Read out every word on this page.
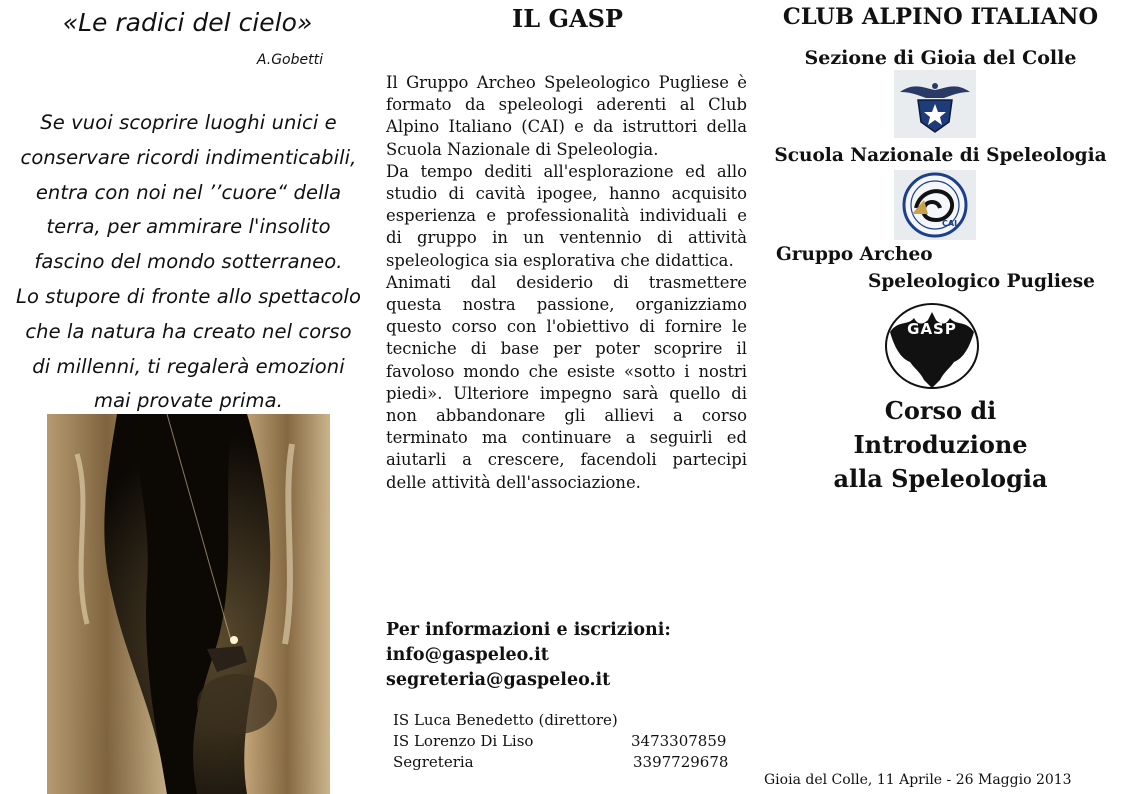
«Le radici del cielo»
A.Gobetti
Se vuoi scoprire luoghi unici e
conservare ricordi indimenticabili,
entra con noi nel ’’cuore“ della
terra, per ammirare l'insolito
fascino del mondo sotterraneo.
Lo stupore di fronte allo spettacolo
che la natura ha creato nel corso
di millenni, ti regalerà emozioni
mai provate prima.
IL GASP

Il Gruppo Archeo Speleologico Pugliese è formato da speleologi aderenti al Club Alpino Italiano (CAI) e da istruttori della Scuola Nazionale di Speleologia.

Da tempo dediti all'esplorazione ed allo studio di cavità ipogee, hanno acquisito esperienza e professionalità individuali e di gruppo in un ventennio di attività speleologica sia esplorativa che didattica.

Animati dal desiderio di trasmettere questa nostra passione, organizziamo questo corso con l'obiettivo di fornire le tecniche di base per poter scoprire il favoloso mondo che esiste «sotto i nostri piedi». Ulteriore impegno sarà quello di non abbandonare gli allievi a corso terminato ma continuare a seguirli ed aiutarli a crescere, facendoli partecipi delle attività dell'associazione.

Per informazioni e iscrizioni:
info@gaspeleo.it
segreteria@gaspeleo.it
IS Luca Benedetto (direttore)
IS Lorenzo Di Liso	3473307859
Segreteria	3397729678
CLUB ALPINO ITALIANO
Sezione di Gioia del Colle
Scuola Nazionale di Speleologia
CAI
Gruppo Archeo
Speleologico Pugliese
GASP
Corso di
Introduzione
alla Speleologia
Gioia del Colle, 11 Aprile - 26 Maggio 2013
